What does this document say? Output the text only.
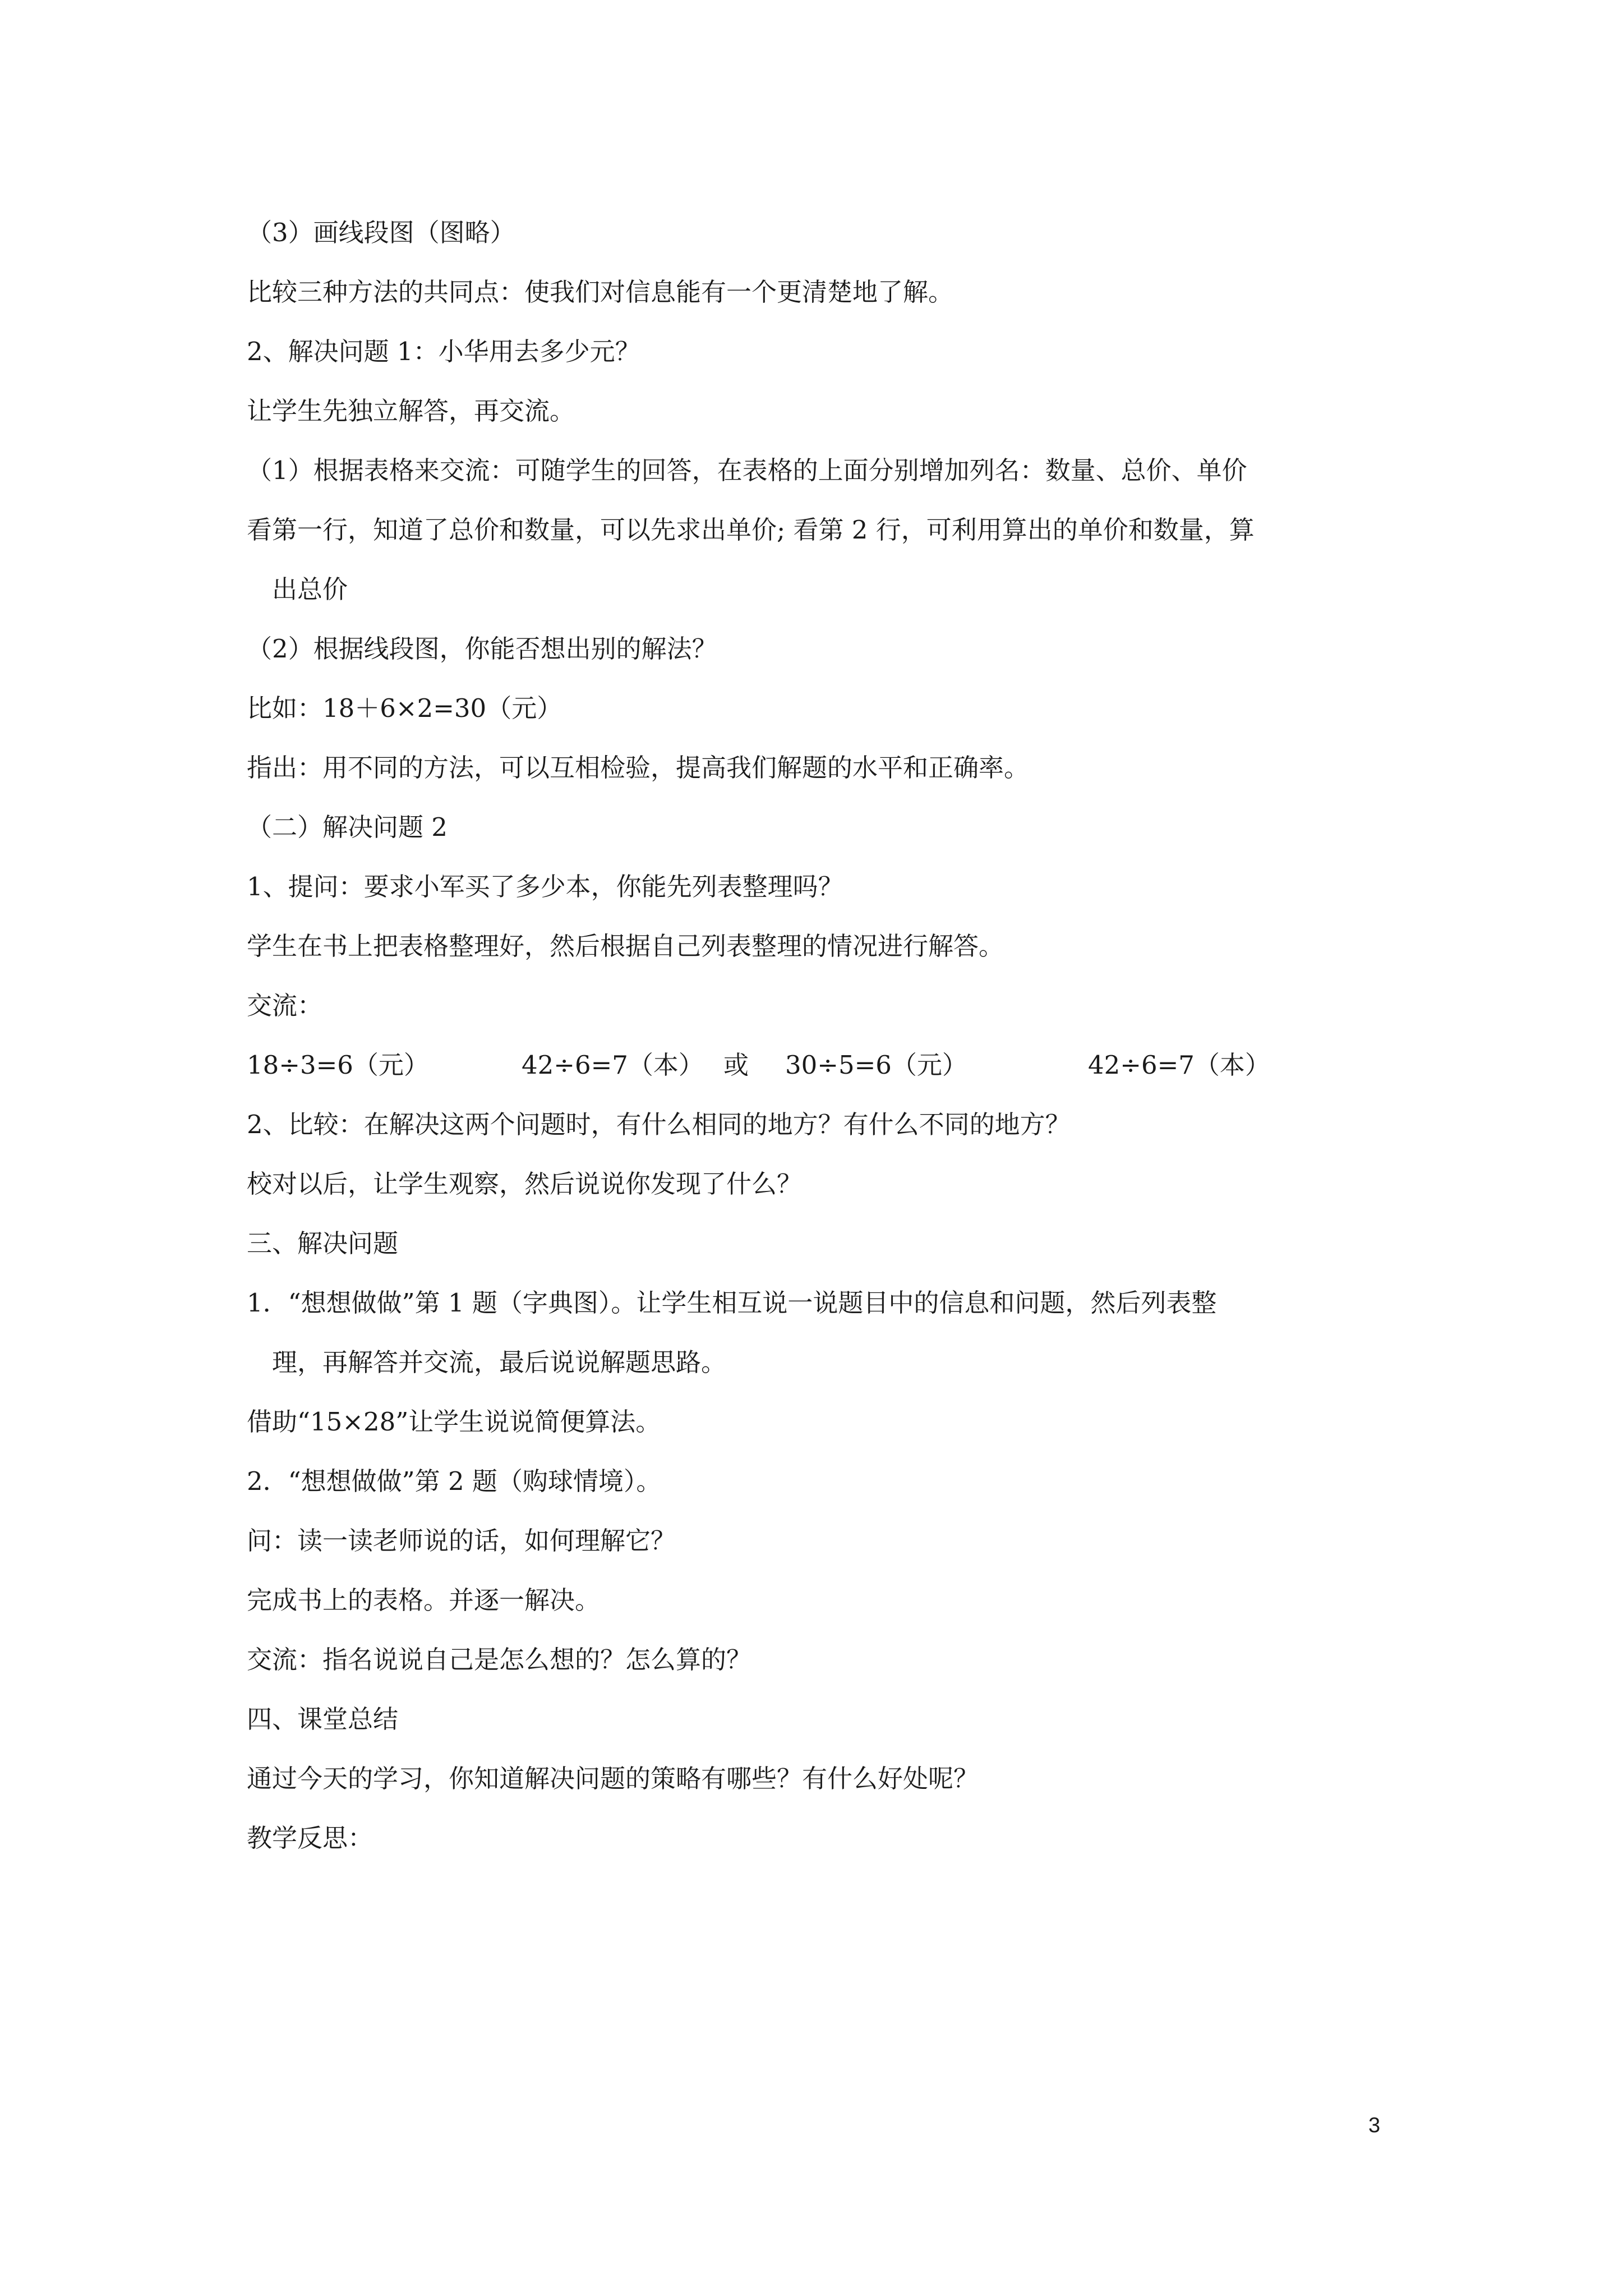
（3）画线段图（图略）
比较三种方法的共同点：使我们对信息能有一个更清楚地了解。
2、解决问题 1：小华用去多少元？
让学生先独立解答，再交流。
（1）根据表格来交流：可随学生的回答，在表格的上面分别增加列名：数量、总价、单价
看第一行，知道了总价和数量，可以先求出单价; 看第 2 行，可利用算出的单价和数量，算
出总价
（2）根据线段图，你能否想出别的解法？
比如：18＋6×2=30（元）
指出：用不同的方法，可以互相检验，提高我们解题的水平和正确率。
（二）解决问题 2
1、提问：要求小军买了多少本，你能先列表整理吗？
学生在书上把表格整理好，然后根据自己列表整理的情况进行解答。
交流：
18÷3=6（元）	42÷6=7（本） 或 30÷5=6（元）	42÷6=7（本）
2、比较：在解决这两个问题时，有什么相同的地方？有什么不同的地方？
校对以后，让学生观察，然后说说你发现了什么？
三、解决问题
1．“想想做做”第 1 题（字典图）。让学生相互说一说题目中的信息和问题，然后列表整
理，再解答并交流，最后说说解题思路。
借助“15×28”让学生说说简便算法。
2．“想想做做”第 2 题（购球情境）。
问：读一读老师说的话，如何理解它？
完成书上的表格。并逐一解决。
交流：指名说说自己是怎么想的？怎么算的？
四、课堂总结
通过今天的学习，你知道解决问题的策略有哪些？有什么好处呢？
教学反思：
3
